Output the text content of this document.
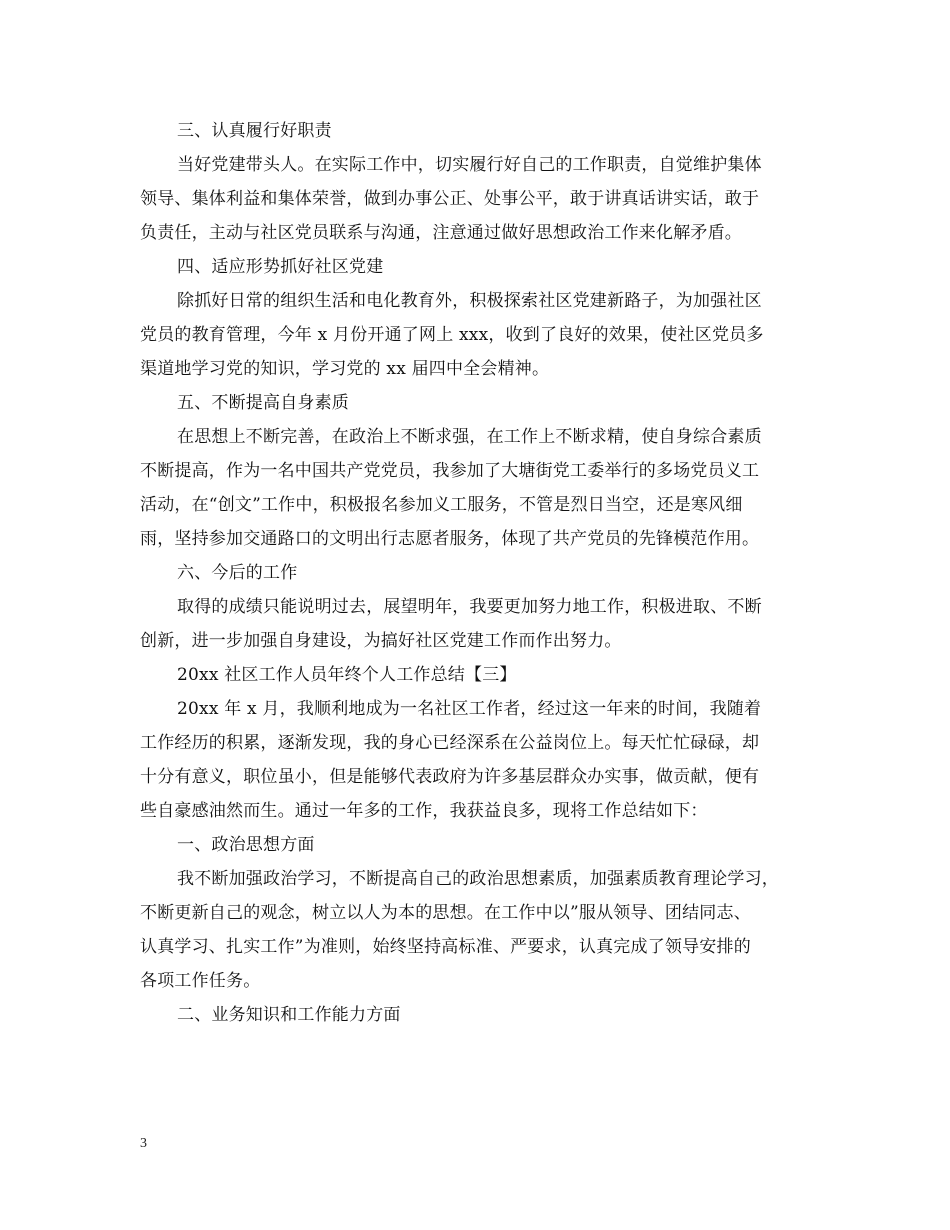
三、认真履行好职责
当好党建带头人。在实际工作中，切实履行好自己的工作职责，自觉维护集体
领导、集体利益和集体荣誉，做到办事公正、处事公平，敢于讲真话讲实话，敢于
负责任，主动与社区党员联系与沟通，注意通过做好思想政治工作来化解矛盾。
四、适应形势抓好社区党建
除抓好日常的组织生活和电化教育外，积极探索社区党建新路子，为加强社区
党员的教育管理，今年 x 月份开通了网上 xxx，收到了良好的效果，使社区党员多
渠道地学习党的知识，学习党的 xx 届四中全会精神。
五、不断提高自身素质
在思想上不断完善，在政治上不断求强，在工作上不断求精，使自身综合素质
不断提高，作为一名中国共产党党员，我参加了大塘街党工委举行的多场党员义工
活动，在“创文”工作中，积极报名参加义工服务，不管是烈日当空，还是寒风细
雨，坚持参加交通路口的文明出行志愿者服务，体现了共产党员的先锋模范作用。
六、今后的工作
取得的成绩只能说明过去，展望明年，我要更加努力地工作，积极进取、不断
创新，进一步加强自身建设，为搞好社区党建工作而作出努力。
20xx 社区工作人员年终个人工作总结【三】
20xx 年 x 月，我顺利地成为一名社区工作者，经过这一年来的时间，我随着
工作经历的积累，逐渐发现，我的身心已经深系在公益岗位上。每天忙忙碌碌，却
十分有意义，职位虽小，但是能够代表政府为许多基层群众办实事，做贡献，便有
些自豪感油然而生。通过一年多的工作，我获益良多，现将工作总结如下：
一、政治思想方面
我不断加强政治学习，不断提高自己的政治思想素质，加强素质教育理论学习，
不断更新自己的观念，树立以人为本的思想。在工作中以”服从领导、团结同志、
认真学习、扎实工作”为准则，始终坚持高标准、严要求，认真完成了领导安排的
各项工作任务。
二、业务知识和工作能力方面
3
